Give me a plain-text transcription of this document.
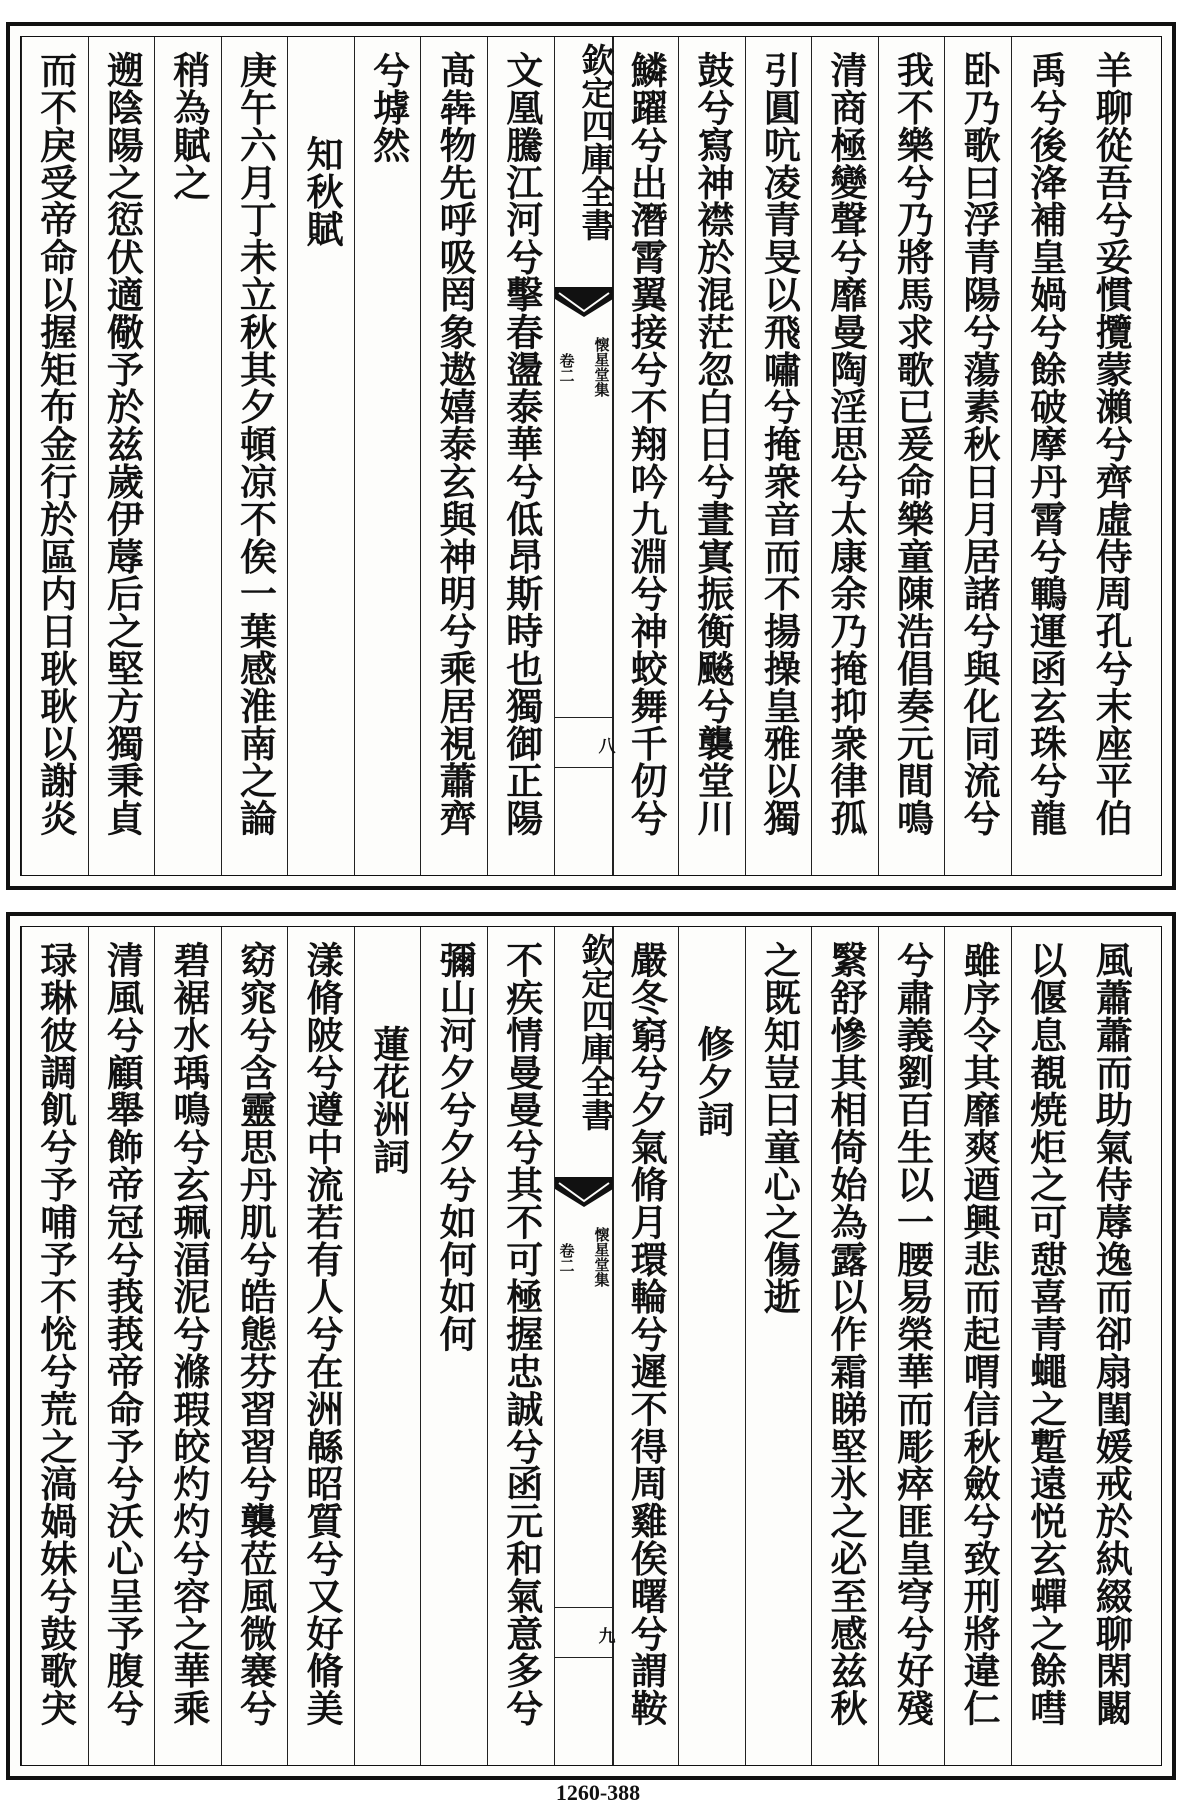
羊聊從吾兮妥慣攬蒙瀨兮齊虛侍周孔兮末座平伯
禹兮後洚補皇媧兮餘破摩丹霄兮鶤運函玄珠兮龍
卧乃歌曰浮青陽兮蕩素秋日月居諸兮與化同流兮
我不樂兮乃將馬求歌已爰命樂童陳浩倡奏元間鳴
清商極變聲兮靡曼陶淫思兮太康余乃掩抑衆律孤
引圓吭凌青旻以飛嘯兮掩衆音而不揚操皇雅以獨
鼓兮寫神襟於混茫忽白日兮晝寘振衡飈兮襲堂川
鱗躍兮出潛霄翼接兮不翔吟九淵兮神蛟舞千仞兮
欽定四庫全書
懐星堂集
卷二
八
文凰騰江河兮擊春盪泰華兮低昂斯時也獨御正陽
髙犇物先呼吸罔象遨嬉泰玄與神明兮乘居視蕭齊
兮㙤然
知秋賦
庚午六月丁未立秋其夕頓凉不俟一葉感淮南之論
稍為賦之
遡陰陽之愆伏適儆予於兹歲伊蓐后之堅方獨秉貞
而不戾受帝命以握矩布金行於區内日耿耿以謝炎
風蕭蕭而助氣侍蓐逸而卻扇閨媛戒於紈綴聊閑闞
以偃息覩焼炬之可憇喜青蠅之蹔遠悦玄蟬之餘嘒
雖序令其靡爽逎興悲而起喟信秋斂兮致刑將違仁
兮肅義劉百生以一腰易榮華而彫瘁匪皇穹兮好殘
繄舒慘其相倚始為露以作霜睇堅氷之必至感兹秋
之既知豈曰童心之傷逝
修夕詞
嚴冬窮兮夕氣脩月環輪兮遲不得周雞俟曙兮謂鞍
欽定四庫全書
懐星堂集
卷二
九
不疾情曼曼兮其不可極握忠誠兮函元和氣意多兮
彌山河夕兮夕兮如何如何
蓮花洲詞
漾脩陂兮遵中流若有人兮在洲緜昭質兮又好脩美
窈窕兮含靈思丹肌兮皓態芬習習兮襲莅風微褰兮
碧裾水瑀鳴兮玄珮湢泥兮滌瑕皎灼灼兮容之華乘
清風兮顧舉飾帝冠兮莪莪帝命予兮沃心呈予腹兮
琭琳彼調飢兮予哺予不恱兮荒之滈媧妹兮鼓歌宊
1260-388
